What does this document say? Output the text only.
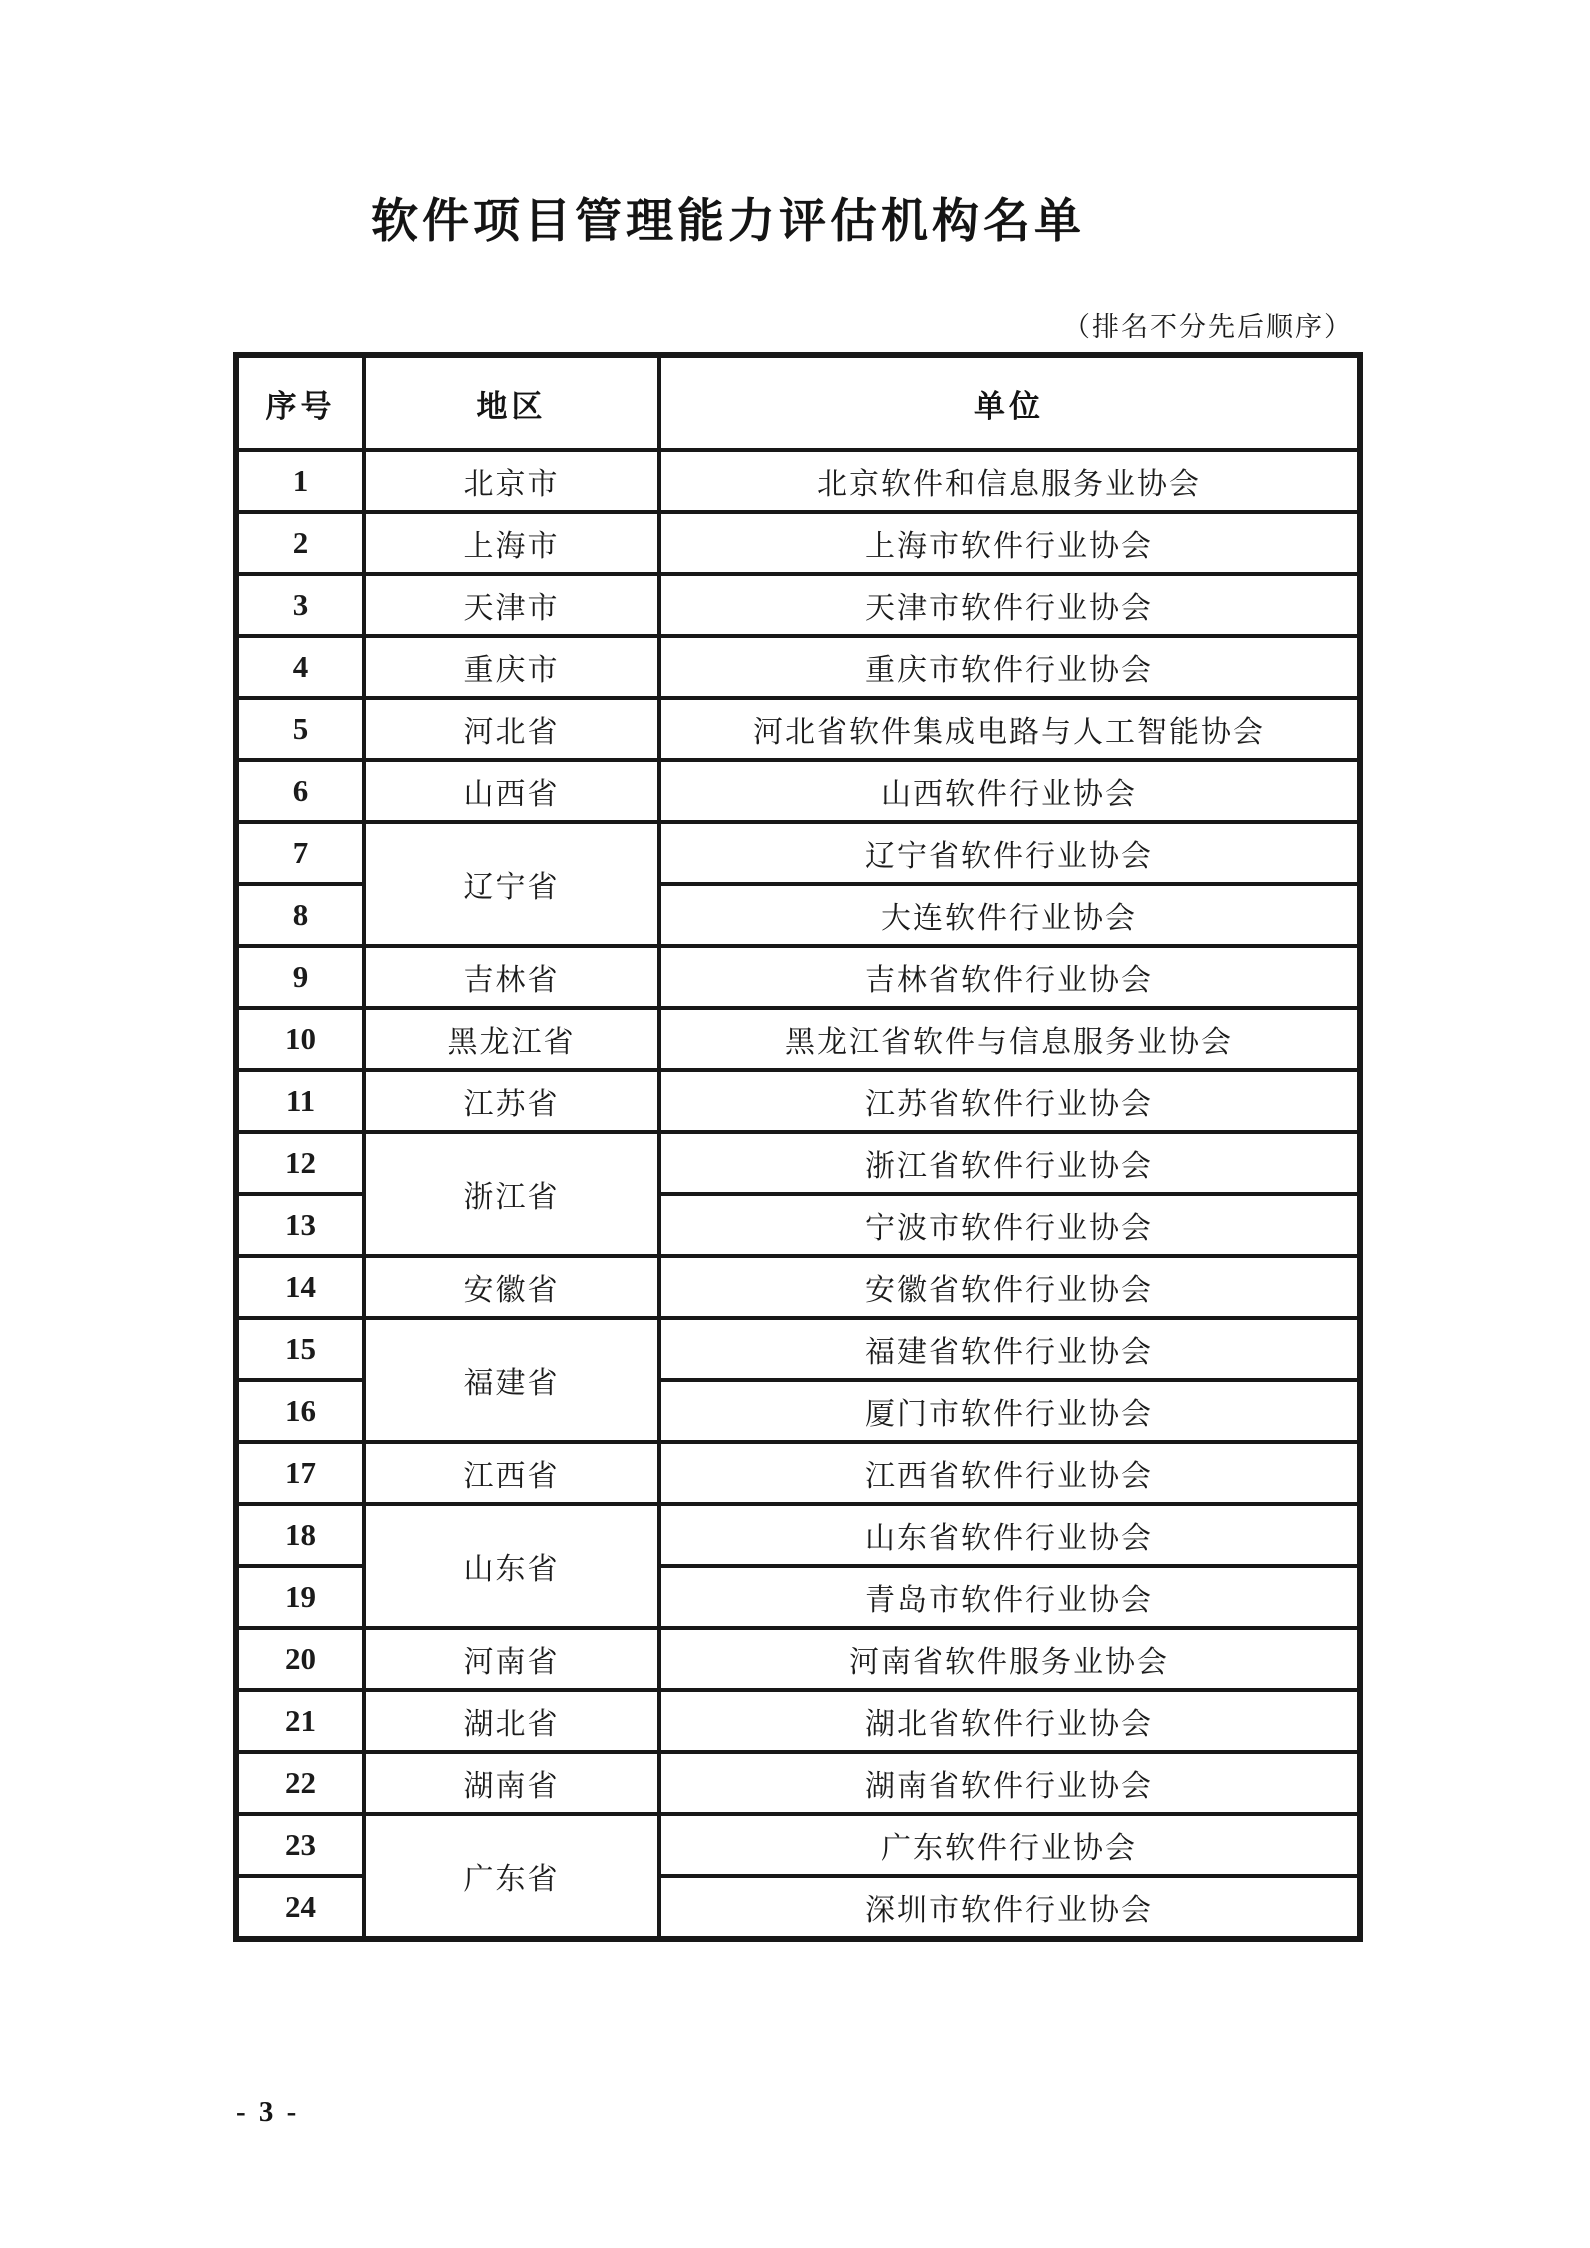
软件项目管理能力评估机构名单
（排名不分先后顺序）
序号	地区	单位
1	北京市	北京软件和信息服务业协会
2	上海市	上海市软件行业协会
3	天津市	天津市软件行业协会
4	重庆市	重庆市软件行业协会
5	河北省	河北省软件集成电路与人工智能协会
6	山西省	山西软件行业协会
7	辽宁省	辽宁省软件行业协会
8		大连软件行业协会
9	吉林省	吉林省软件行业协会
10	黑龙江省	黑龙江省软件与信息服务业协会
11	江苏省	江苏省软件行业协会
12	浙江省	浙江省软件行业协会
13		宁波市软件行业协会
14	安徽省	安徽省软件行业协会
15	福建省	福建省软件行业协会
16		厦门市软件行业协会
17	江西省	江西省软件行业协会
18	山东省	山东省软件行业协会
19		青岛市软件行业协会
20	河南省	河南省软件服务业协会
21	湖北省	湖北省软件行业协会
22	湖南省	湖南省软件行业协会
23	广东省	广东软件行业协会
24		深圳市软件行业协会
- 3 -
